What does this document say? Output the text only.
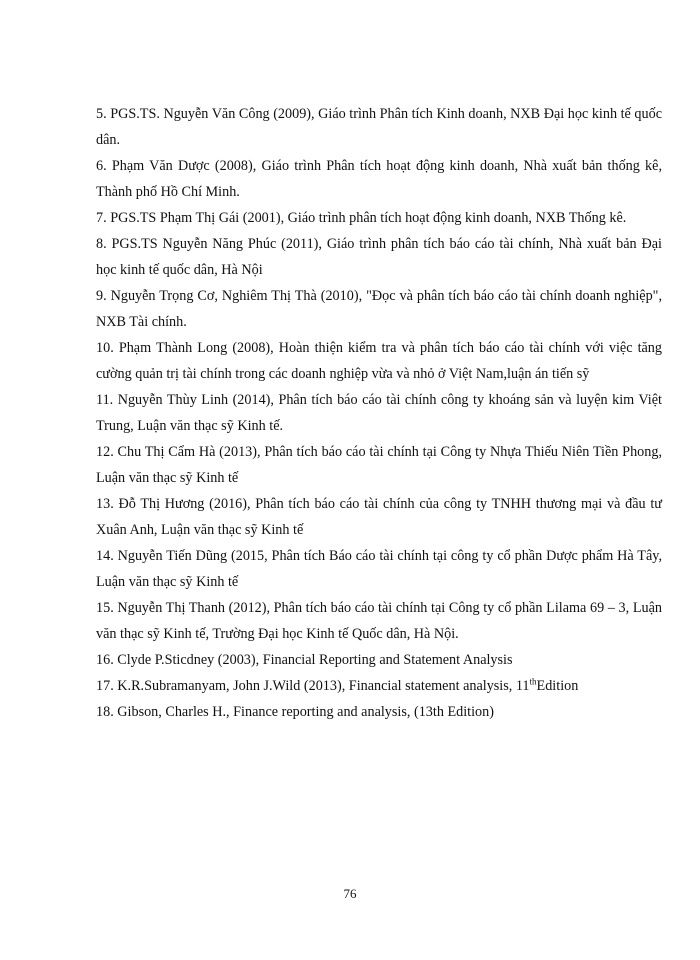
5. PGS.TS. Nguyễn Văn Công (2009), Giáo trình Phân tích Kinh doanh, NXB Đại học kinh tế quốc dân.

6. Phạm Văn Dược (2008), Giáo trình Phân tích hoạt động kinh doanh, Nhà xuất bản thống kê, Thành phố Hồ Chí Minh.

7. PGS.TS Phạm Thị Gái (2001), Giáo trình phân tích hoạt động kinh doanh, NXB Thống kê.

8. PGS.TS Nguyễn Năng Phúc (2011), Giáo trình phân tích báo cáo tài chính, Nhà xuất bản Đại học kinh tế quốc dân, Hà Nội

9. Nguyễn Trọng Cơ, Nghiêm Thị Thà (2010), "Đọc và phân tích báo cáo tài chính doanh nghiệp", NXB Tài chính.

10. Phạm Thành Long (2008), Hoàn thiện kiểm tra và phân tích báo cáo tài chính với việc tăng cường quản trị tài chính trong các doanh nghiệp vừa và nhỏ ở Việt Nam,luận án tiến sỹ

11. Nguyễn Thùy Linh (2014), Phân tích báo cáo tài chính công ty khoáng sản và luyện kim Việt Trung, Luận văn thạc sỹ Kinh tế.

12. Chu Thị Cẩm Hà (2013), Phân tích báo cáo tài chính tại Công ty Nhựa Thiếu Niên Tiền Phong, Luận văn thạc sỹ Kinh tế

13. Đỗ Thị Hương (2016), Phân tích báo cáo tài chính của công ty TNHH thương mại và đầu tư Xuân Anh, Luận văn thạc sỹ Kinh tế

14. Nguyễn Tiến Dũng (2015, Phân tích Báo cáo tài chính tại công ty cổ phần Dược phẩm Hà Tây, Luận văn thạc sỹ Kinh tế

15. Nguyễn Thị Thanh (2012), Phân tích báo cáo tài chính tại Công ty cổ phần Lilama 69 – 3, Luận văn thạc sỹ Kinh tế, Trường Đại học Kinh tế Quốc dân, Hà Nội.

16. Clyde P.Sticdney (2003), Financial Reporting and Statement Analysis

17. K.R.Subramanyam, John J.Wild (2013), Financial statement analysis, 11thEdition

18. Gibson, Charles H., Finance reporting and analysis, (13th Edition)

76
